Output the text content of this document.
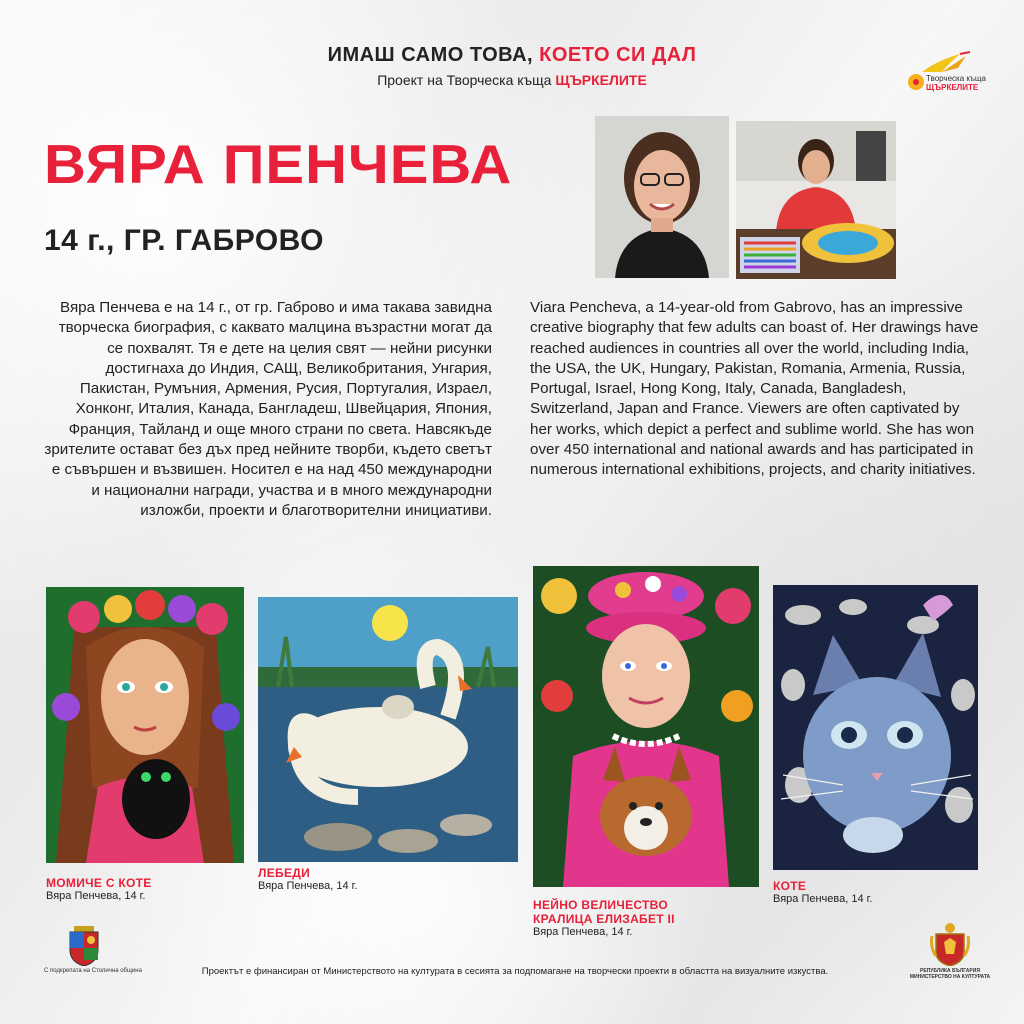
ИМАШ САМО ТОВА, КОЕТО СИ ДАЛ
Проект на Творческа къща ЩЪРКЕЛИТЕ	Творческа къща
ЩЪРКЕЛИТЕ
ВЯРА ПЕНЧЕВА
14 г., ГР. ГАБРОВО
Вяра Пенчева е на 14 г., от гр. Габрово и има такава завидна творческа биография, с каквато малцина възрастни могат да се похвалят. Тя е дете на целия свят — нейни рисунки достигнаха до Индия, САЩ, Великобритания, Унгария, Пакистан, Румъния, Армения, Русия, Португалия, Израел, Хонконг, Италия, Канада, Бангладеш, Швейцария, Япония, Франция, Тайланд и още много страни по света. Навсякъде зрителите остават без дъх пред нейните творби, където светът е съвършен и възвишен. Носител е на над 450 международни и национални награди, участва и в много международни изложби, проекти и благотворителни инициативи.
Viara Pencheva, a 14-year-old from Gabrovo, has an impressive creative biography that few adults can boast of. Her drawings have reached audiences in countries all over the world, including India, the USA, the UK, Hungary, Pakistan, Romania, Armenia, Russia, Portugal, Israel, Hong Kong, Italy, Canada, Bangladesh, Switzerland, Japan and France. Viewers are often captivated by her works, which depict a perfect and sublime world. She has won over 450 international and national awards and has participated in numerous international exhibitions, projects, and charity initiatives.
МОМИЧЕ С КОТЕ
Вяра Пенчева, 14 г.
ЛЕБЕДИ
Вяра Пенчева, 14 г.
НЕЙНО ВЕЛИЧЕСТВО
КРАЛИЦА ЕЛИЗАБЕТ II
Вяра Пенчева, 14 г.
КОТЕ
Вяра Пенчева, 14 г.
С подкрепата на Столична община	Проектът е финансиран от Министерството на културата в сесията за подпомагане на творчески проекти в областта на визуалните изкуства.	РЕПУБЛИКА БЪЛГАРИЯ
МИНИСТЕРСТВО НА КУЛТУРАТА
